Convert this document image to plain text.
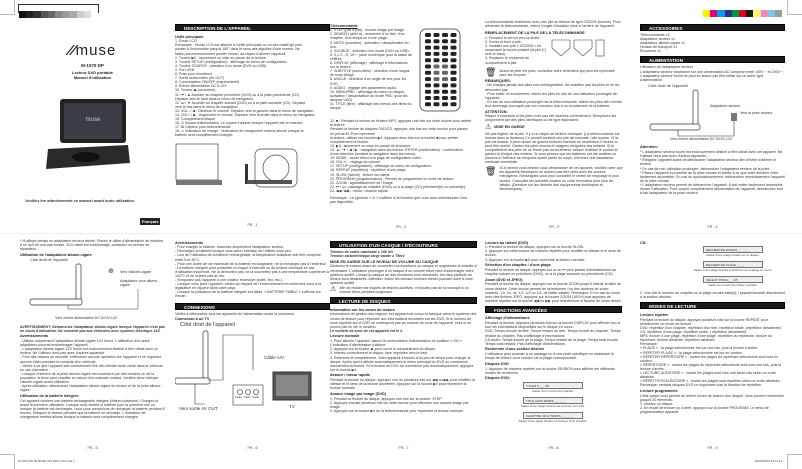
⁄⁄muse
M-1070 DP
Lecteur DVD portable
Manuel d'utilisation
muse
Veuillez lire attentivement ce manuel avant toute utilisation.
Français
DESCRIPTION DE L'APPAREIL
Unité principale
1. Écran LCD
Remarque : l'écran LCD est attaché à l'unité principale ou un axe rotatif qui peut
pivoter à l'horizontale jusqu'à 180° dans le sens des aiguilles d'une montre. Ne
faites pas excessivement pivoter l'écran, au risque d'abîmer l'appareil.
2. Touche ▶II : lancement ou mise en pause de la lecture.
3. Touche SETUP (configuration) : affichage du menu de configuration.
4. Touche SOURCE : sélection d'un mode (DVD ou USB).
5. Port USB
6. Prise pour écouteurs
7. Sortie audio/vidéo (AV OUT)
8. Commutateur ON/OFF (marche/arrêt)
9. Entrée alimentation DC 9-12V
10. Touche ⏏ (ouverture)
11. ⏮ / ▲ Accéder au chapitre précédent (DVD) ou à la piste précédente (CD).
Déplace vers le haut dans le menu de navigation.
12. ⏭ / ▼ Accéder au chapitre suivant (DVD) ou à la piste suivante (CD). Déplace
vers le bas dans le menu de navigation.
13. VOL- / ◀ : Diminuer le volume. Déplace vers la gauche dans le menu de navigation.
14. VOL+ / ▶ : Augmenter le volume. Déplace vers la droite dans le menu de navigation.
15. Compartiment disque
16. ⏻ Voyant d'alimentation. Le voyant s'allume lorsque l'appareil est en marche.
17. ⊠ Capteur pour télécommande
18. ▭ Indicateur de charge : l'indicateur de chargement restera allumé lorsque la
batterie sera complètement chargée.
FR - 1
Télécommande
1. STEP (pas à pas) : lecture image par image.
2. SEARCH (aller à) : recherche d'un titre, d'un chapitre, d'un temps ou d'une plage.
3. MUTE (sourdine) : activation / désactivation du son.
4. SOURCE : sélection d'un mode (DVD ou USB).
5. 0,1,2....9, 10+ : pavé numérique pour la saisie de chiffres.
6. DISPLAY (affichage) : affichage d'informations sur la lecture.
7. SUBTITLE (sous-titres) : sélection d'une langue de sous-titrage.
8. ANGLE : sélection d'un angle de vue pour les DVD.
9. AUDIO : réglage des paramètres audio.
10. MENU/PBC : affichage du menu du disque, activation / désactivation du mode PBC (pour les disques VCD).
11. TITLE (titre) : affichage des menus des titres du disque.
12. ■ : Pendant la lecture de fichiers MP3, appuyez une fois sur cette touche pour arrêter la lecture.
Pendant la lecture de disques DVD/CD, appuyez une fois sur cette touche pour passer en pré-arrêt. Pour reprendre
la lecture, utilisez les touches ▶II. Appuyez deux fois sur la touche ■ pour arrêter complètement la lecture.
13. ▶II : lancement ou mise en pause de la lecture.
14. ▲ / ▼ / ◀ / ▶ : navigation dans les menus. ENTER (confirmation) : confirmation d'une sélection pendant la navigation dans les menus.
15. MODE : accès direct à la page de configuration vidéo.
16. VOL+/- : réglage du volume.
17. SETUP (configuration) : affichage du menu de configuration.
18. REPEAT (répétition) : répétition d'une plage.
19. SLOW (ralenti) : lecture au ralenti.
20. PROGRAM (programmation) : Permet de programmer un ordre de lecture.
21. ZOOM : agrandissement de l'image.
22. ⏮ / ⏭ : passage au chapitre (DVD) ou à la plage (CD) précédent(e) ou suivant(e).
23. ◀◀ / ▶▶ : retour / avance rapide.
Remarque : Le symbole « ⊘ » s'affiche si la fonction que vous avez sélectionnée n'est pas disponible.
FR - 2
La télécommande fonctionne avec une pile au lithium de type CR2025 (fournie). Pour alimenter la télécommande, retirez l'onglet d'isolation situé à l'arrière de l'appareil.
REMPLACEMENT DE LA PILE DE LA TÉLÉCOMMANDE
1. Poussez le verrou vers la droite.
2. Sortez le tiroir à pile.
3. Installez une pile « CR2025 » en respectant la bonne polarité (la pile [+] vers le haut).
4. Replacez le couvercle du compartiment à pile.
🗑 Avant de jeter les piles, consultez votre revendeur qui peut les reprendre pour les recycler.
REMARQUES:
- Ne chargez jamais des piles non rechargeables. Ne chauffez pas les piles et ne les démontez pas.
- Pour éviter un écoulement, retirez les piles en cas de non-utilisation prolongée de l'appareil.
- En cas de non-utilisation prolongée de la télécommande, retirez les piles afin d'éviter tout dommage provoqué par une corrosion due à un écoulement de la batterie.
ATTENTION:
Risque d'explosion si les piles n'ont pas été insérées correctement. Remplacez les uniquement par des piles identiques ou de type équivalent.
⚠ MISE EN GARDE
Ne pas ingérer de la pile. Il y a un risque de brûlure chimique. (La télécommande est incluse dans la livraison) Ce produit contient une pile de monnaie / pile bouton. Si la pile est avalée, il peut causer de graves brûlures internes en seulement 2 heures et peut être mortel. Gardez les piles neuves et usagées éloignées des enfants. Si le compartiment des piles ne se ferme pas correctement, cessez d'utiliser le produit et gardez-le éloigné des enfants. Si vous pensez que les batteries ont été avalées ou placées à l'intérieur de n'importe quelle partie du corps, cherchez une assistance médicale immédiate.
🗑 Si à l'avenir vous désirez vous débarrasser de cet appareil, veuillez noter que les appareils électriques ne doivent pas être jetés avec les ordures ménagères. Renseignez-vous pour connaître le centre de recyclage le plus proche. Consultez les autorités locales ou votre revendeur pour plus de détails. (Directive sur les déchets des équipements électriques et électroniques).
FR - 3
ACCESSOIRES
Télécommande x1
Adaptateur secteur x1
Adaptateur allume-cigare x1
Housse de transport x1
Écouteurs x1
ALIMENTATION
Utilisation de l'adaptateur secteur
L'adaptateur secteur fonctionne sur une alimentation AC comprise entre 100V ~ et 240V ~. L'adaptateur secteur fourni ne peut en aucun cas être utilisé sur un autre type d'alimentation.
Côté droit de l'appareil
Adaptateur secteur
Vers la prise secteur
Vers entrée alimentation DC IN 9V-12V
Attention:
* L'adaptateur secteur fourni est exclusivement destiné à être utilisé avec cet appareil. Ne l'utilisez donc pas avec d'autres appareils.
* Éteignez l'appareil avant de débrancher l'adaptateur secteur afin d'éviter d'abîmer le lecteur.
* En cas de non-utilisation prolongée, débranchez l'adaptateur secteur de la prise.
* Placez l'appareil à proximité de la prise murale et veillez à ce que cette dernière reste facilement accessible. En cas de dysfonctionnement, débranchez immédiatement l'appareil de la prise murale.
* L'adaptateur secteur permet de débrancher l'appareil. Il doit rester facilement accessible durant l'utilisation. Pour couper complètement l'alimentation de l'appareil, débranchez tout à fait l'adaptateur de la prise secteur.
FR - 4
* N'utilisez jamais un adaptateur secteur abîmé. Placez le câble d'alimentation de manière à ce qu'il ne soit pas écrasé. Si le câble est endommagé, contactez un service de réparation.
Utilisation de l'adaptateur allume-cigare
Côté droit de l'appareil
⊕ Vers l'allume-cigare
Adaptateur pour allume-cigare
Vers entrée alimentation DC IN 9V-12V
AVERTISSEMENT: Débranchez l'adaptateur allume-cigare lorsque l'appareil n'est pas en cours d'utilisation. Ne convient pas aux véhicules avec système électrique 24V.
Avertissements
- Utilisez uniquement l'adaptateur allume-cigare 12V fourni. L'utilisation d'un autre adaptateur pourrait endommager l'appareil.
- L'adaptateur allume-cigare 12V fourni est exclusivement destiné à être utilisé avec ce lecteur. Ne l'utilisez donc pas avec d'autres appareils.
- Pour des raisons de sécurité, n'effectuez aucune opération sur l'appareil et ne regardez aucune vidéo pendant la conduite d'un véhicule.
- Veillez à ce que l'appareil soit correctement fixé afin d'éviter toute chute dans le véhicule en cas d'accident.
- Lorsque l'intérieur de la prise allume-cigare est encombré par des cendres ou de la poussière, la fiche peut chauffer en raison d'un mauvais contact. Veuillez donc nettoyer l'allume-cigare avant utilisation.
- Après utilisation, débranchez l'adaptateur allume-cigare du lecteur et de la prise allume-cigare.
Utilisation de la batterie intégrée
Cet appareil contient une batterie rechargeable intégrée (lithium polymère). Chargez-la avant la première utilisation. Lorsque vous utilisez la batterie pour la première fois ou lorsque la batterie est déchargée, nous vous conseillons de recharger la batterie pendant 8 heures. Eteignez le lecteur pendant que la batterie se recharge. L'indicateur de chargement restera allumé lorsque la batterie sera complètement chargée.
FR - 5
M-1070 DP IB MUSE 001 REV1 FR.indd 1
Avertissements
- Pour charger la batterie, branchez simplement l'adaptateur secteur.
- Rechargez la batterie lorsque vous avez l'intention de l'utiliser sous peu.
- Lors de l'utilisation de la batterie rechargeable, la température ambiante doit être comprise entre 5 et 35°C.
- Pour une durée de vie maximale de la batterie rechargeable, ne la rechargez pas à l'extérieur.
- La batterie intégrée peut présenter un risque d'incendie ou de brûlure chimique en cas d'utilisation incorrecte. Ne la démontez pas, ne la soumettez pas à une température supérieure à 100°C et ne la jetez pas au feu.
- N'exposez pas l'appareil à une chaleur excessive (soleil, feu, etc.).
- Lorsque vous jetez l'appareil, veillez au respect de l'environnement et conformez-vous à la législation en vigueur dans votre pays.
- Lorsque la puissance de la batterie intégrée est faible, « BATTERIE FAIBLE » s'affiche sur l'écran.
CONNEXIONS
Veillez à débrancher tous les appareils de l'alimentation avant la connexion.
Connexion à un TV
Côté droit de l'appareil
Câble A/V
Audio Vidéo Audio
Vers sortie AV OUT	TV
FR - 6
UTILISATION D'UN CASQUE / D'ÉCOUTEURS
Tension de sortie maximale ≤ 150 mV
Tension caractéristique large bande ≥ 75mV
MISE EN GARDE SUR LE NIVEAU DE VOLUME DU CASQUE
Diminuez le volume avant de connecter vos écouteurs ou casque et augmentez-le ensuite si nécessaire. L'utilisation prolongée d'un casque à un volume élevé peut endommager votre système auditif. Lorsqu'un casque ou des écouteurs sont connectés, les haut-parleurs du lecteur sont désactivés. Attention: évitez les niveaux sonores élevés pouvant nuire à votre système auditif.
⚠ Afin de réduire les risques de lésions auditives, n'écoutez pas de la musique à un volume élevé pendant longtemps.
LECTURE DE DISQUES
Information sur les zones de lecture
Informations de gestion des régions: cet appareil est conçu et fabriqué selon le système des zones de lecture pour répondre aux informations encodées sur les DVD. Si le numéro de zone imprimé sur le DVD ne correspond pas au numéro de zone de l'appareil, celui-ci ne pourra pas en lire le contenu.
Le numéro de zone de cet appareil est le 2.
Lecture normale
1. Pour allumer l'appareil, placez le commutateur d'alimentation en position « ON ». L'indicateur d'alimentation s'allume.
2. Appuyez sur la touche ⏏ pour ouvrir le compartiment du disque.
3. Insérez correctement le disque, face imprimée vers le haut.
4. Refermez le compartiment. Votre appareil a besoin d'un peu de temps pour charger le disque. Après quoi il affiche automatiquement le menu principal du DVD ou commence directement la lecture. Si la lecture du DVD ne commence pas automatiquement, appuyez sur la touche ▶II.
Avance / retour rapide
Pendant la lecture du disque, appuyez une ou plusieurs fois sur ◀◀ ou ▶▶ pour modifier la vitesse et le sens de la lecture accélérée. Appuyez sur la touche ▶II pour reprendre la lecture normale.
Avance image par image (DVD)
1. Pendant la lecture du disque, appuyez une fois sur la touche: STEP.
2. Appuyez ensuite plusieurs fois sur cette touche pour effectuer une avance image par image.
3. Appuyez sur la touche ▶II de la télécommande pour reprendre la lecture normale.
FR - 7
Lecture au ralenti (DVD)
1. Pendant la lecture du disque, appuyez sur la touche SLOW.
2. Appuyez sur cette touche de manière répétée pour modifier la vitesse et le sens de lecture.
3. Appuyez sur la touche ▶II pour reprendre la lecture normale.
Sélection d'un chapitre / d'une plage
Pendant la lecture du disque, appuyez sur ⏭ ou ⏮ pour passer immédiatement au chapitre suivant ou précédent (DVD), ou à la plage suivante ou précédente (CD).
Zoom (DVD et JPEG)
Pendant la lecture du disque, appuyez sur la touche ZOOM jusqu'à obtenir la taille de zoom désirée. Cette touche permet de sélectionner l'un des facteurs de zoom suivants : 2x, 3x, 4x, 1/2, 1/3 ou 1/4, off (taille initiale). Remarque: Et en cas de zoom avec des fichiers JPEG, appuyez sur la touche ZOOM (100%) puis appuyez de manière répétée sur la touche ◀◀ ou ▶▶ pour sélectionner le facteur de zoom désiré.
FONCTIONS AVANCÉES
Affichage d'informations
Pendant la lecture, appuyez plusieurs fois sur la touche DISPLAY pour afficher tour à tour les informations disponibles sur le disque en cours.
DVD: Temps écoulé du titre, Temps restant du titre, Temps écoulé du chapitre, Temps restant du chapitre, Pas d'affichage d'informations.
CD audio: Temps écoulé de la plage, Temps restant de la plage, Temps total écoulé, Temps total restant, Pas d'affichage d'informations.
Recherche d'une section désirée
L'utilisateur peut accéder à un passage ou à une piste spécifique en saisissant le temps de lecture ou le numéro de la plage correspondant.
Disques DVD
1. Appuyez de manière répétée sur la touche SEARCH pour afficher les différents modes de recherche.
Disques DVD:
T 01/03 C _ _ /35
Saisie d'un numéro de chapitre.
TITLE 01/03 TEMPS _:_ _:_ _
Saisie d'une plage horaire sur la durée d'un titre.
CHAPITRE 01/13 TEMPS _:_ _:_ _
Saisie d'une plage horaire à l'intérieur d'un chapitre.
FR - 8
CD:
RECHERCHE DISQUE _:_ _:_ _
Saisie d'une plage horaire sur le disque.
RECHERCHE PLAGE _:_ _
Saisie d'une plage horaire à l'intérieur de la plage en cours.
SÉLECT. PISTE _ _ /15
Saisie du numéro de fichier souhaité.
2. Une fois le numéro de chapitre ou la plage horaire saisi(e), l'appareil accède directement à la section désirée.
MODES DE LECTURE
Lecture répétée
Pendant la lecture du disque, appuyez plusieurs fois sur la touche REPEAT pour sélectionner un mode de lecture :
DVD: répétition d'un chapitre, répétition d'un titre, répétition totale, (répétition désactivée).
CD: répétition d'une plage, répétition totale, ( répétition désactivée)
MP3: lecture d'une plage, répétition d'une plage, répétition du répertoire, lecture du répertoire, lecture aléatoire, répétition aléatoire.
Remarque:
« PLAGE » : la plage sélectionnée est lue une fois, puis la lecture s'arrête.
« RÉPÉTER PLAGE » : la plage sélectionnée est lue en continu.
« RÉPÉTER RÉPERTOIRE » : toutes les plages du répertoire sélectionné sont lues en continu.
« RÉPERTOIRE » : toutes les plages du répertoire sélectionné sont lues une fois, puis la lecture s'arrête.
« LECTURE ALÉATOIRE » : toutes les plages sont lues une seule fois selon un ordre aléatoire.
« RÉPÉTITION ALÉATOIRE » : toutes les plages sont répétées selon un ordre aléatoire.
Remarque: certains disques DVD ne supportent pas la fonction de répétition.
Lecture programmée
Cette option vous permet de définir l'ordre de lecture d'un disque. Vous pourrez mémoriser jusqu'à 20 éléments.
1. Insérez un disque.
2. En mode de lecture ou d'arrêt, appuyez sur la touche PROGRAM. Le menu de programmation apparaît.
FR - 9
03/05/2018 10:11:14
